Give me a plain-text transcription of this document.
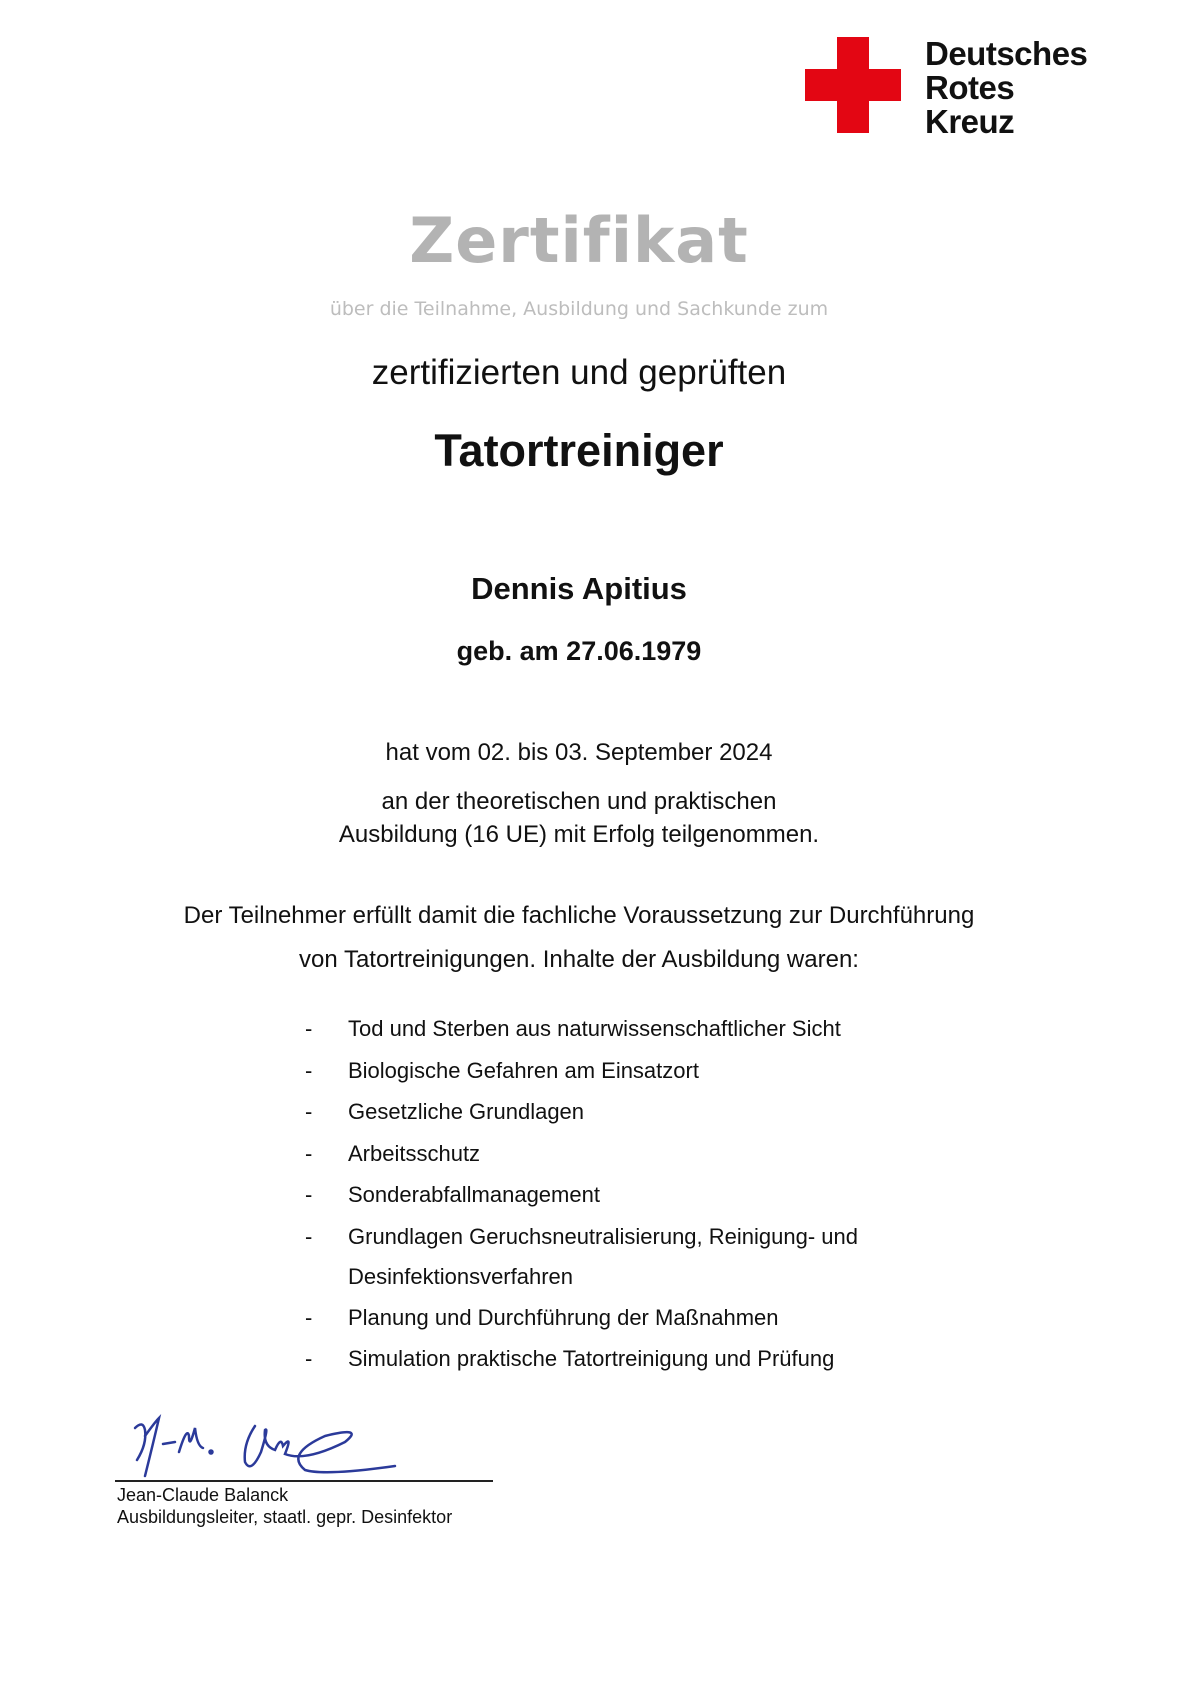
Deutsches
Rotes
Kreuz
Zertifikat
über die Teilnahme, Ausbildung und Sachkunde zum
zertifizierten und geprüften
Tatortreiniger
Dennis Apitius
geb. am 27.06.1979
hat vom 02. bis 03. September 2024
an der theoretischen und praktischen
Ausbildung (16 UE) mit Erfolg teilgenommen.
Der Teilnehmer erfüllt damit die fachliche Voraussetzung zur Durchführung
von Tatortreinigungen. Inhalte der Ausbildung waren:
-	Tod und Sterben aus naturwissenschaftlicher Sicht
-	Biologische Gefahren am Einsatzort
-	Gesetzliche Grundlagen
-	Arbeitsschutz
-	Sonderabfallmanagement
-	Grundlagen Geruchsneutralisierung, Reinigung- und Desinfektionsverfahren
-	Planung und Durchführung der Maßnahmen
-	Simulation praktische Tatortreinigung und Prüfung
Jean-Claude Balanck
Ausbildungsleiter, staatl. gepr. Desinfektor
